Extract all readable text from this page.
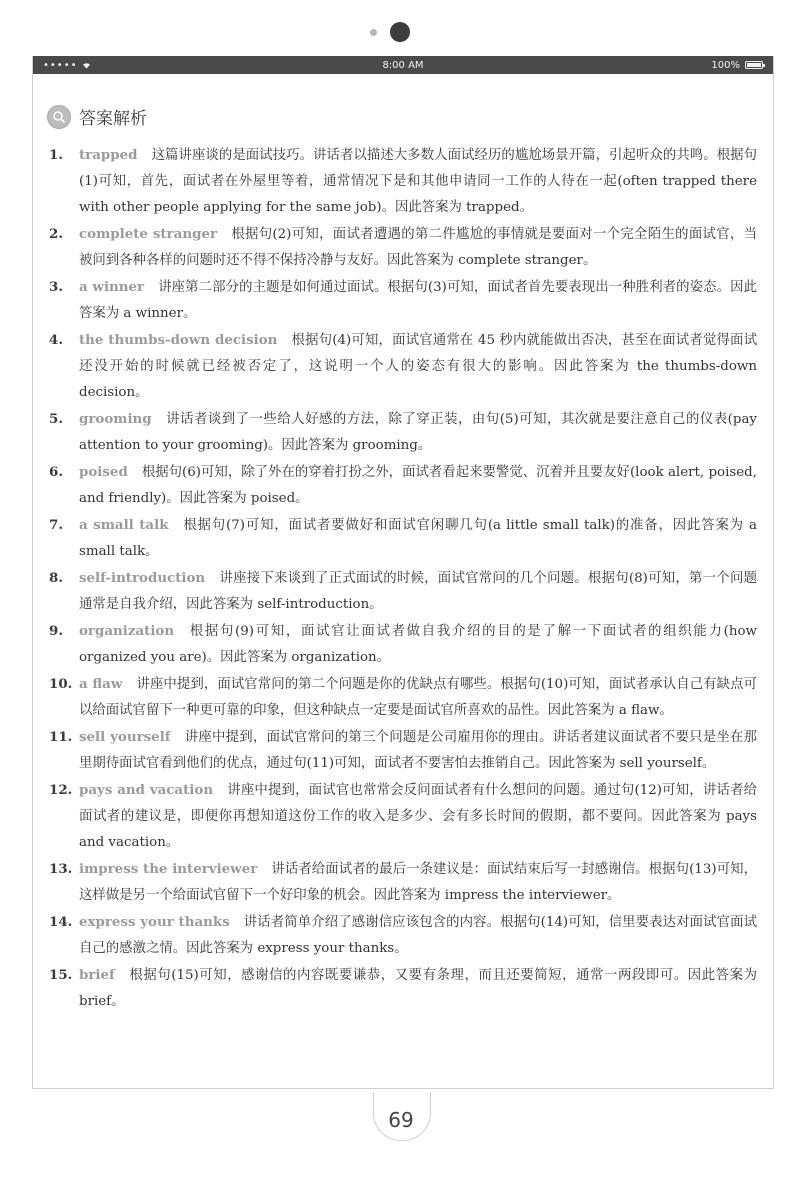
•••••	8:00 AM	100%
答案解析
1. trapped 这篇讲座谈的是面试技巧。讲话者以描述大多数人面试经历的尴尬场景开篇，引起听众的共鸣。根据句(1)可知，首先，面试者在外屋里等着，通常情况下是和其他申请同一工作的人待在一起(often trapped there with other people applying for the same job)。因此答案为 trapped。
2. complete stranger 根据句(2)可知，面试者遭遇的第二件尴尬的事情就是要面对一个完全陌生的面试官，当被问到各种各样的问题时还不得不保持冷静与友好。因此答案为 complete stranger。
3. a winner 讲座第二部分的主题是如何通过面试。根据句(3)可知，面试者首先要表现出一种胜利者的姿态。因此答案为 a winner。
4. the thumbs-down decision 根据句(4)可知，面试官通常在 45 秒内就能做出否决，甚至在面试者觉得面试还没开始的时候就已经被否定了，这说明一个人的姿态有很大的影响。因此答案为 the thumbs-down decision。
5. grooming 讲话者谈到了一些给人好感的方法，除了穿正装，由句(5)可知，其次就是要注意自己的仪表(pay attention to your grooming)。因此答案为 grooming。
6. poised 根据句(6)可知，除了外在的穿着打扮之外，面试者看起来要警觉、沉着并且要友好(look alert, poised, and friendly)。因此答案为 poised。
7. a small talk 根据句(7)可知，面试者要做好和面试官闲聊几句(a little small talk)的准备，因此答案为 a small talk。
8. self-introduction 讲座接下来谈到了正式面试的时候，面试官常问的几个问题。根据句(8)可知，第一个问题通常是自我介绍，因此答案为 self-introduction。
9. organization 根据句(9)可知，面试官让面试者做自我介绍的目的是了解一下面试者的组织能力(how organized you are)。因此答案为 organization。
10. a flaw 讲座中提到，面试官常问的第二个问题是你的优缺点有哪些。根据句(10)可知，面试者承认自己有缺点可以给面试官留下一种更可靠的印象，但这种缺点一定要是面试官所喜欢的品性。因此答案为 a flaw。
11. sell yourself 讲座中提到，面试官常问的第三个问题是公司雇用你的理由。讲话者建议面试者不要只是坐在那里期待面试官看到他们的优点，通过句(11)可知，面试者不要害怕去推销自己。因此答案为 sell yourself。
12. pays and vacation 讲座中提到，面试官也常常会反问面试者有什么想问的问题。通过句(12)可知，讲话者给面试者的建议是，即便你再想知道这份工作的收入是多少、会有多长时间的假期，都不要问。因此答案为 pays and vacation。
13. impress the interviewer 讲话者给面试者的最后一条建议是：面试结束后写一封感谢信。根据句(13)可知，这样做是另一个给面试官留下一个好印象的机会。因此答案为 impress the interviewer。
14. express your thanks 讲话者简单介绍了感谢信应该包含的内容。根据句(14)可知，信里要表达对面试官面试自己的感激之情。因此答案为 express your thanks。
15. brief 根据句(15)可知，感谢信的内容既要谦恭，又要有条理，而且还要简短，通常一两段即可。因此答案为 brief。
69
